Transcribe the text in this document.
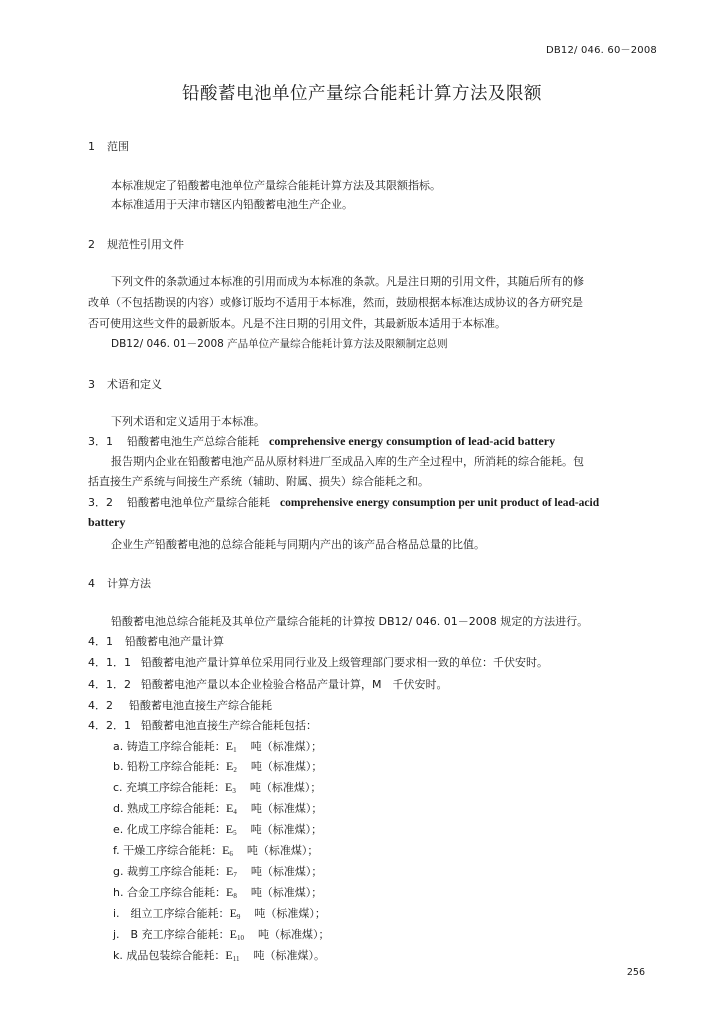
DB12/ 046. 60－2008
铅酸蓄电池单位产量综合能耗计算方法及限额
1 范围
本标准规定了铅酸蓄电池单位产量综合能耗计算方法及其限额指标。
本标准适用于天津市辖区内铅酸蓄电池生产企业。
2 规范性引用文件
下列文件的条款通过本标准的引用而成为本标准的条款。凡是注日期的引用文件，其随后所有的修
改单（不包括勘误的内容）或修订版均不适用于本标准，然而，鼓励根据本标准达成协议的各方研究是
否可使用这些文件的最新版本。凡是不注日期的引用文件，其最新版本适用于本标准。
DB12/ 046. 01－2008 产品单位产量综合能耗计算方法及限额制定总则
3 术语和定义
下列术语和定义适用于本标准。
3．1 铅酸蓄电池生产总综合能耗 comprehensive energy consumption of lead-acid battery
报告期内企业在铅酸蓄电池产品从原材料进厂至成品入库的生产全过程中，所消耗的综合能耗。包
括直接生产系统与间接生产系统（辅助、附属、损失）综合能耗之和。
3．2 铅酸蓄电池单位产量综合能耗 comprehensive energy consumption per unit product of lead-acid
battery
企业生产铅酸蓄电池的总综合能耗与同期内产出的该产品合格品总量的比值。
4 计算方法
铅酸蓄电池总综合能耗及其单位产量综合能耗的计算按 DB12/ 046. 01－2008 规定的方法进行。
4．1 铅酸蓄电池产量计算
4．1．1 铅酸蓄电池产量计算单位采用同行业及上级管理部门要求相一致的单位：千伏安时。
4．1．2 铅酸蓄电池产量以本企业检验合格品产量计算，M　千伏安时。
4．2 铅酸蓄电池直接生产综合能耗
4．2．1 铅酸蓄电池直接生产综合能耗包括：
a. 铸造工序综合能耗：$E_1$ 吨（标准煤）；
b. 铅粉工序综合能耗：$E_2$ 吨（标准煤）；
c. 充填工序综合能耗：$E_3$ 吨（标准煤）；
d. 熟成工序综合能耗：$E_4$ 吨（标准煤）；
e. 化成工序综合能耗：$E_5$ 吨（标准煤）；
f. 干燥工序综合能耗：$E_6$ 吨（标准煤）；
g. 裁剪工序综合能耗：$E_7$ 吨（标准煤）；
h. 合金工序综合能耗：$E_8$ 吨（标准煤）；
i.　组立工序综合能耗：$E_9$ 吨（标准煤）；
j.　B 充工序综合能耗：$E_{10}$ 吨（标准煤）；
k. 成品包装综合能耗：$E_{11}$ 吨（标准煤）。
256
